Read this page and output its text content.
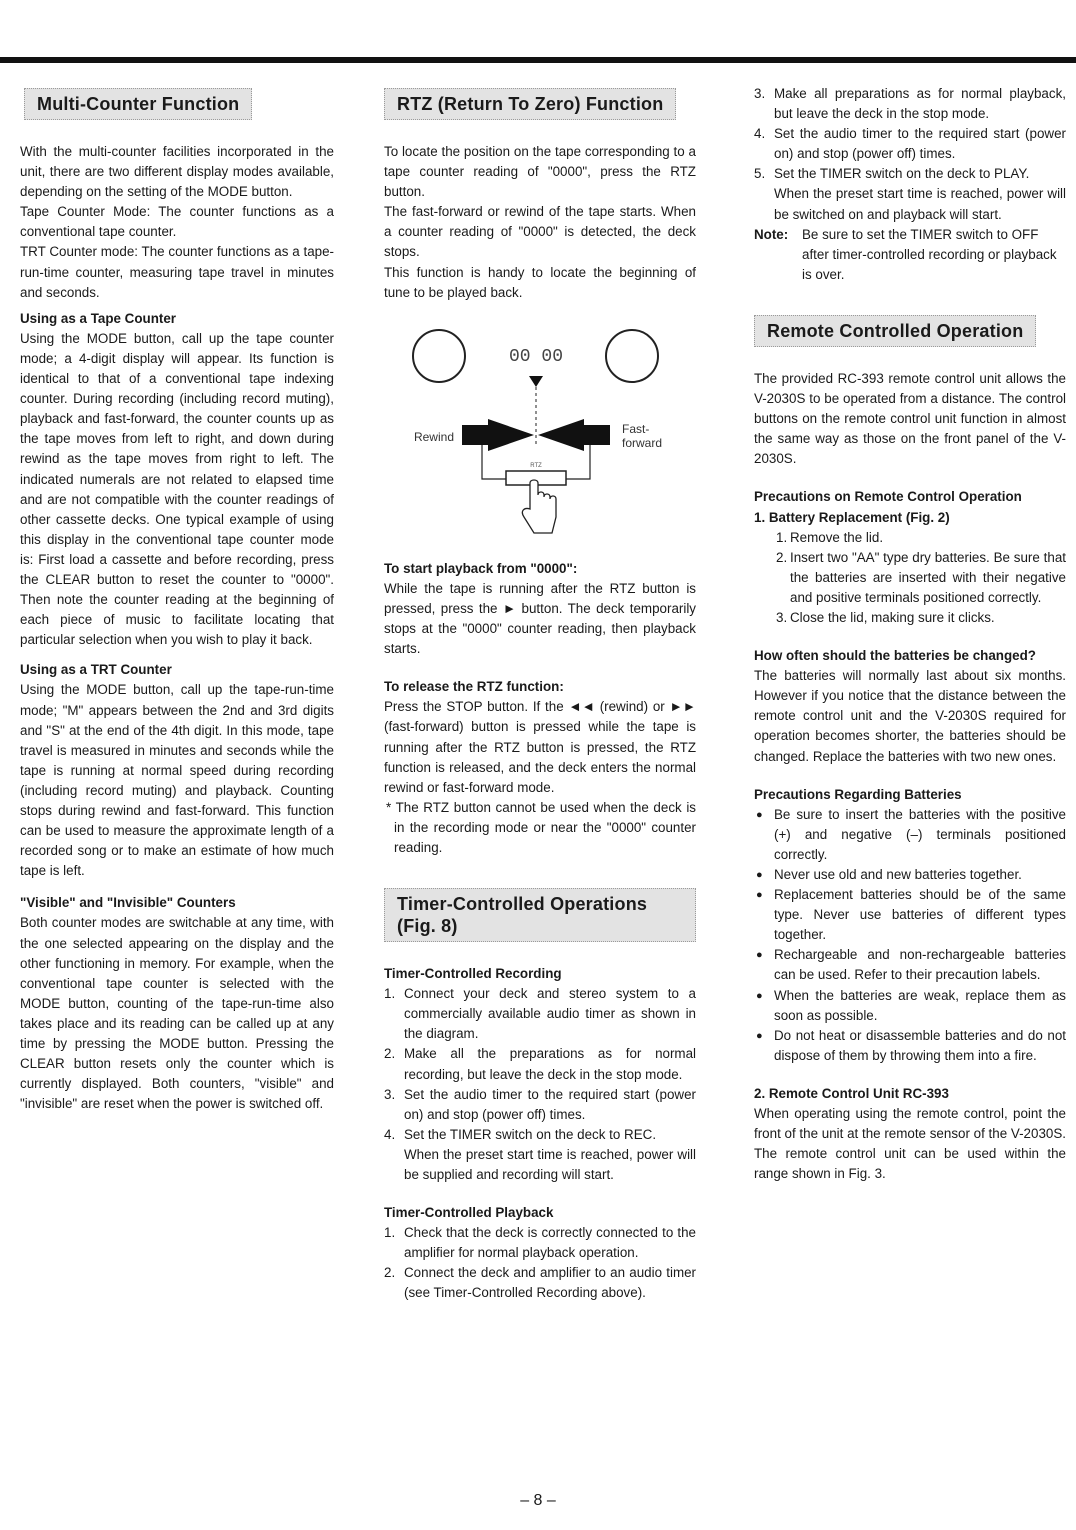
Multi-Counter Function

With the multi-counter facilities incorporated in the unit, there are two different display modes available, depending on the setting of the MODE button.

Tape Counter Mode: The counter functions as a conventional tape counter.

TRT Counter mode: The counter functions as a tape-run-time counter, measuring tape travel in minutes and seconds.

Using as a Tape Counter

Using the MODE button, call up the tape counter mode; a 4-digit display will appear. Its function is identical to that of a conventional tape indexing counter. During recording (including record muting), playback and fast-forward, the counter counts up as the tape moves from left to right, and down during rewind as the tape moves from right to left. The indicated numerals are not related to elapsed time and are not compatible with the counter readings of other cassette decks. One typical example of using this display in the conventional tape counter mode is: First load a cassette and before recording, press the CLEAR button to reset the counter to "0000". Then note the counter reading at the beginning of each piece of music to facilitate locating that particular selection when you wish to play it back.

Using as a TRT Counter

Using the MODE button, call up the tape-run-time mode; "M" appears between the 2nd and 3rd digits and "S" at the end of the 4th digit. In this mode, tape travel is measured in minutes and seconds while the tape is running at normal speed during recording (including record muting) and playback. Counting stops during rewind and fast-forward. This function can be used to measure the approximate length of a recorded song or to make an estimate of how much tape is left.

"Visible" and "Invisible" Counters

Both counter modes are switchable at any time, with the one selected appearing on the display and the other functioning in memory. For example, when the conventional tape counter is selected with the MODE button, counting of the tape-run-time also takes place and its reading can be called up at any time by pressing the MODE button. Pressing the CLEAR button resets only the counter which is currently displayed. Both counters, "visible" and "invisible" are reset when the power is switched off.

RTZ (Return To Zero) Function

To locate the position on the tape corresponding to a tape counter reading of "0000", press the RTZ button.

The fast-forward or rewind of the tape starts. When a counter reading of "0000" is detected, the deck stops.

This function is handy to locate the beginning of tune to be played back.

00 00
Rewind
Fast-
forward
RTZ

To start playback from "0000":

While the tape is running after the RTZ button is pressed, press the ► button. The deck temporarily stops at the "0000" counter reading, then playback starts.

To release the RTZ function:

Press the STOP button. If the ◄◄ (rewind) or ►► (fast-forward) button is pressed while the tape is running after the RTZ button is pressed, the RTZ function is released, and the deck enters the normal rewind or fast-forward mode.

* The RTZ button cannot be used when the deck is in the recording mode or near the "0000" counter reading.

Timer-Controlled Operations (Fig. 8)

Timer-Controlled Recording

1. Connect your deck and stereo system to a commercially available audio timer as shown in the diagram.
2. Make all the preparations as for normal recording, but leave the deck in the stop mode.
3. Set the audio timer to the required start (power on) and stop (power off) times.
4. Set the TIMER switch on the deck to REC.
When the preset start time is reached, power will be supplied and recording will start.

Timer-Controlled Playback

1. Check that the deck is correctly connected to the amplifier for normal playback operation.
2. Connect the deck and amplifier to an audio timer (see Timer-Controlled Recording above).
3. Make all preparations as for normal playback, but leave the deck in the stop mode.
4. Set the audio timer to the required start (power on) and stop (power off) times.
5. Set the TIMER switch on the deck to PLAY.
When the preset start time is reached, power will be switched on and playback will start.
Note: Be sure to set the TIMER switch to OFF after timer-controlled recording or playback is over.
Remote Controlled Operation

The provided RC-393 remote control unit allows the V-2030S to be operated from a distance. The control buttons on the remote control unit function in almost the same way as those on the front panel of the V-2030S.

Precautions on Remote Control Operation

1. Battery Replacement (Fig. 2)

1. Remove the lid.
2. Insert two "AA" type dry batteries. Be sure that the batteries are inserted with their negative and positive terminals positioned correctly.
3. Close the lid, making sure it clicks.

How often should the batteries be changed?

The batteries will normally last about six months. However if you notice that the distance between the remote control unit and the V-2030S required for operation becomes shorter, the batteries should be changed. Replace the batteries with two new ones.

Precautions Regarding Batteries

● Be sure to insert the batteries with the positive (+) and negative (–) terminals positioned correctly.
● Never use old and new batteries together.
● Replacement batteries should be of the same type. Never use batteries of different types together.
● Rechargeable and non-rechargeable batteries can be used. Refer to their precaution labels.
● When the batteries are weak, replace them as soon as possible.
● Do not heat or disassemble batteries and do not dispose of them by throwing them into a fire.

2. Remote Control Unit RC-393

When operating using the remote control, point the front of the unit at the remote sensor of the V-2030S. The remote control unit can be used within the range shown in Fig. 3.

– 8 –
